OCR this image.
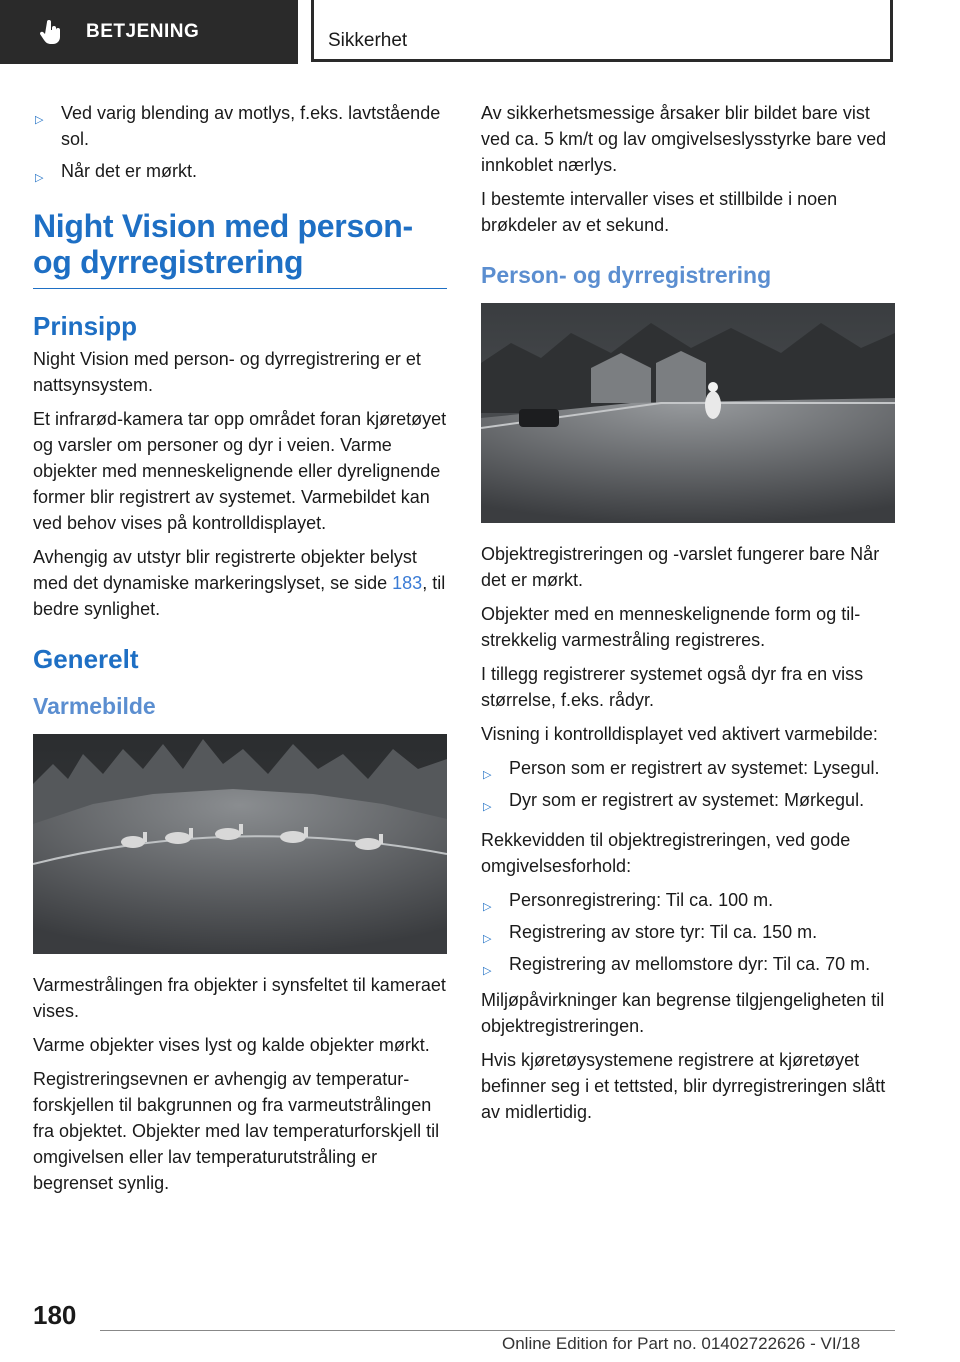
BETJENING	Sikkerhet
▷ Ved varig blending av motlys, f.eks. lavtstående sol.
▷ Når det er mørkt.
Night Vision med person- og dyrregistrering
Prinsipp

Night Vision med person- og dyrregistrering er et nattsynsystem.

Et infrarød-kamera tar opp området foran kjøretøyet og varsler om personer og dyr i veien. Varme objekter med menneskelignende eller dyrelignende former blir registrert av systemet. Varmebildet kan ved behov vises på kontrolldisplayet.

Avhengig av utstyr blir registrerte objekter belyst med det dynamiske markeringslyset, se side 183, til bedre synlighet.

Generelt
Varmebilde

Varmestrålingen fra objekter i synsfeltet til kameraet vises.

Varme objekter vises lyst og kalde objekter mørkt.

Registreringsevnen er avhengig av temperaturforskjellen til bakgrunnen og fra varmeutstrålingen fra objektet. Objekter med lav temperaturforskjell til omgivelsen eller lav temperaturutstråling er begrenset synlig.

Av sikkerhetsmessige årsaker blir bildet bare vist ved ca. 5 km/t og lav omgivelseslysstyrke bare ved innkoblet nærlys.

I bestemte intervaller vises et stillbilde i noen brøkdeler av et sekund.

Person- og dyrregistrering

Objektregistreringen og -varslet fungerer bare Når det er mørkt.

Objekter med en menneskelignende form og tilstrekkelig varmestråling registreres.

I tillegg registrerer systemet også dyr fra en viss størrelse, f.eks. rådyr.

Visning i kontrolldisplayet ved aktivert varmebilde:

▷ Person som er registrert av systemet: Lysegul.
▷ Dyr som er registrert av systemet: Mørkegul.

Rekkevidden til objektregistreringen, ved gode omgivelsesforhold:

▷ Personregistrering: Til ca. 100 m.
▷ Registrering av store tyr: Til ca. 150 m.
▷ Registrering av mellomstore dyr: Til ca. 70 m.

Miljøpåvirkninger kan begrense tilgjengeligheten til objektregistreringen.

Hvis kjøretøysystemene registrere at kjøretøyet befinner seg i et tettsted, blir dyrregistreringen slått av midlertidig.

180
Online Edition for Part no. 01402722626 - VI/18
